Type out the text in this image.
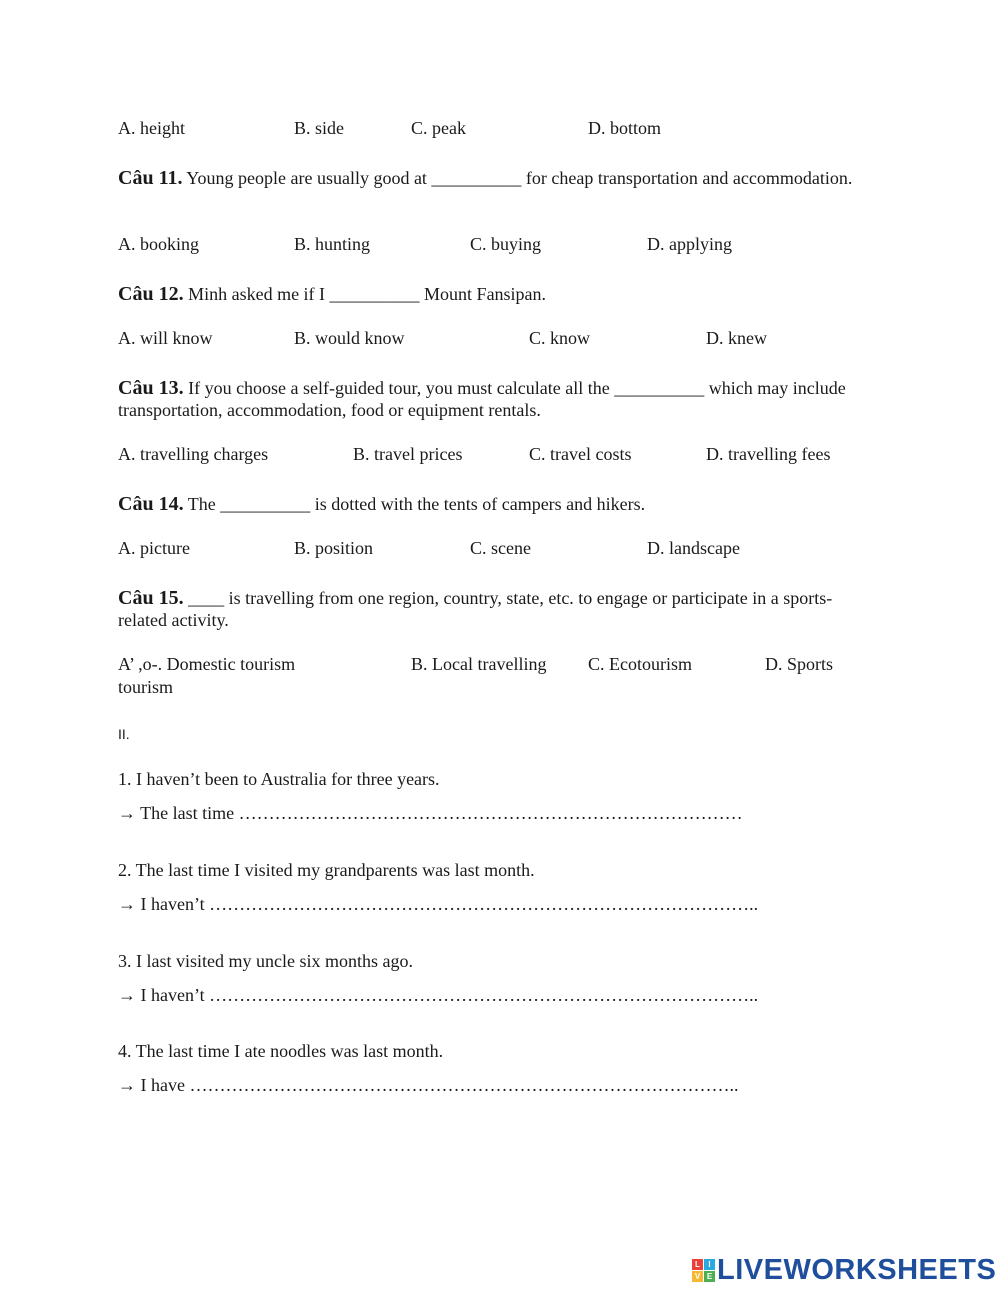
A. height	B. side	C. peak	D. bottom
Câu 11. Young people are usually good at __________ for cheap transportation and accommodation.
A. booking	B. hunting	C. buying	D. applying
Câu 12. Minh asked me if I __________ Mount Fansipan.
A. will know	B. would know	C. know	D. knew
Câu 13. If you choose a self-guided tour, you must calculate all the __________ which may include transportation, accommodation, food or equipment rentals.
A. travelling charges	B. travel prices	C. travel costs	D. travelling fees
Câu 14. The __________ is dotted with the tents of campers and hikers.
A. picture	B. position	C. scene	D. landscape
Câu 15. ____ is travelling from one region, country, state, etc. to engage or participate in a sports-related activity.
A’ ,o-. Domestic tourism	B. Local travelling C. Ecotourism	D. Sports
tourism
II.
1. I haven’t been to Australia for three years.
→ The last time …………………………………………………………………………
2. The last time I visited my grandparents was last month.
→ I haven’t ………………………………………………………………………………..
3. I last visited my uncle six months ago.
→ I haven’t ………………………………………………………………………………..
4. The last time I ate noodles was last month.
→ I have ………………………………………………………………………………..
L	I
V E LIVEWORKSHEETS
